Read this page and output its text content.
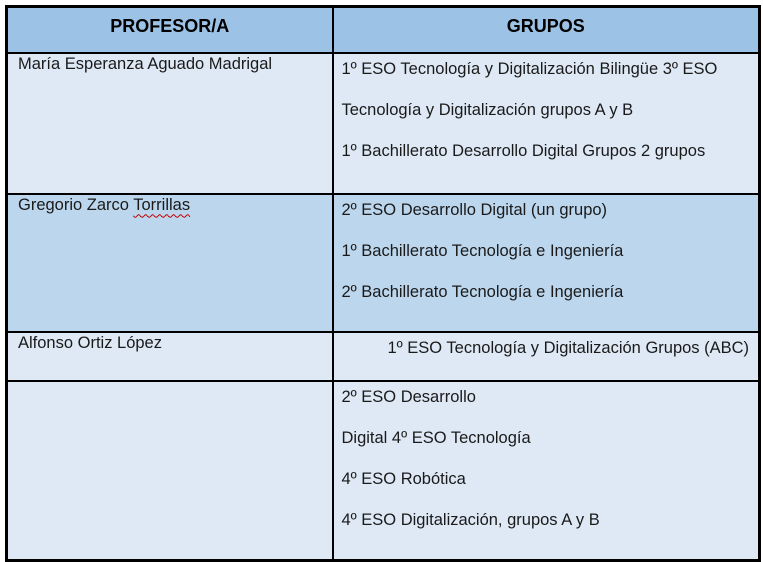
PROFESOR/A	GRUPOS
María Esperanza Aguado Madrigal	1º ESO Tecnología y Digitalización Bilingüe 3º ESO

Tecnología y Digitalización grupos A y B

1º Bachillerato Desarrollo Digital Grupos 2 grupos

Gregorio Zarco Torrillas	2º ESO Desarrollo Digital (un grupo)

1º Bachillerato Tecnología e Ingeniería

2º Bachillerato Tecnología e Ingeniería

Alfonso Ortiz López	1º ESO Tecnología y Digitalización Grupos (ABC)

	2º ESO Desarrollo

Digital 4º ESO Tecnología

4º ESO Robótica

4º ESO Digitalización, grupos A y B
